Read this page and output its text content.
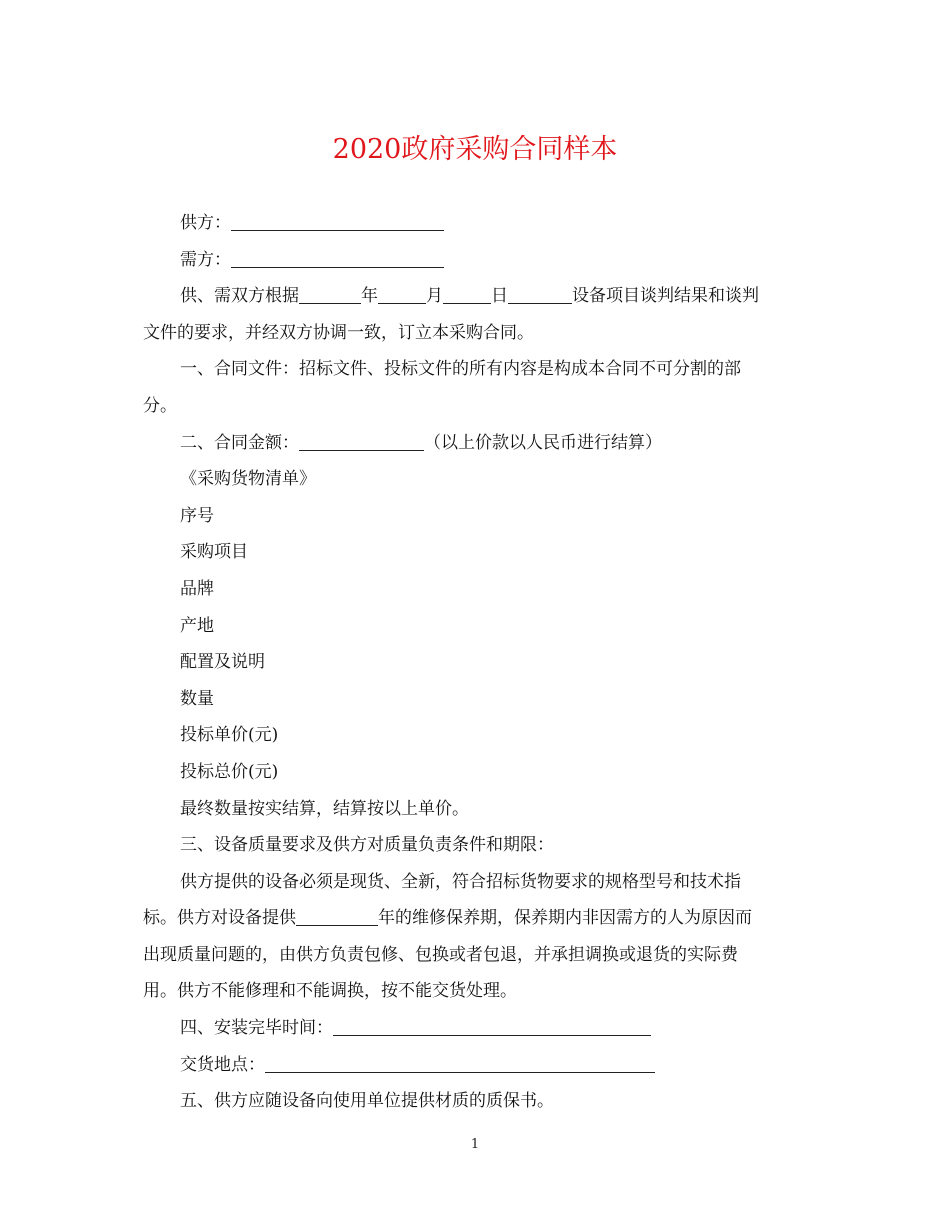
2020政府采购合同样本

供方：

需方：

供、需双方根据	年	月	日	设备项目谈判结果和谈判

文件的要求，并经双方协调一致，订立本采购合同。

一、合同文件：招标文件、投标文件的所有内容是构成本合同不可分割的部

分。

二、合同金额：	（以上价款以人民币进行结算）

《采购货物清单》

序号

采购项目

品牌

产地

配置及说明

数量

投标单价(元)

投标总价(元)

最终数量按实结算，结算按以上单价。

三、设备质量要求及供方对质量负责条件和期限：

供方提供的设备必须是现货、全新，符合招标货物要求的规格型号和技术指

标。供方对设备提供	年的维修保养期，保养期内非因需方的人为原因而

出现质量问题的，由供方负责包修、包换或者包退，并承担调换或退货的实际费

用。供方不能修理和不能调换，按不能交货处理。

四、安装完毕时间：

交货地点：

五、供方应随设备向使用单位提供材质的质保书。

1
